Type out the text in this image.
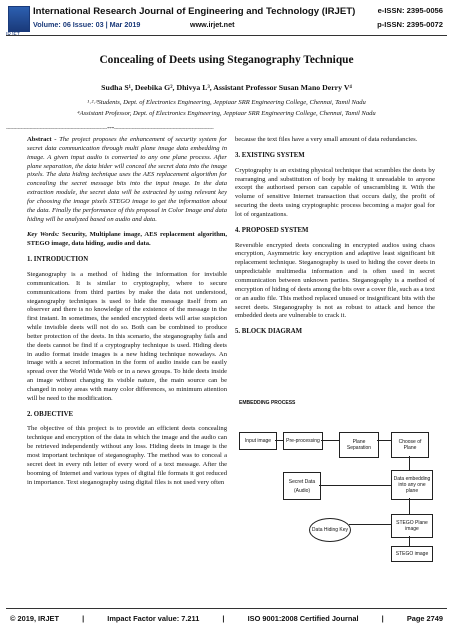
International Research Journal of Engineering and Technology (IRJET)	e-ISSN: 2395-0056
Volume: 06 Issue: 03 | Mar 2019	www.irjet.net	p-ISSN: 2395-0072
Concealing of Deets using Steganography Technique
Sudha S¹, Deebika G², Dhivya L³, Assistant Professor Susan Mano Derry V⁴
¹˒²˒³Students, Dept. of Electronics Engineering, Jeppiaar SRR Engineering College, Chennai, Tamil Nadu
⁴Assistant Professor, Dept. of Electronics Engineering, Jeppiaar SRR Engineering College, Chennai, Tamil Nadu
---------------------------------------------------------------------***--------------------------------------------------------------------

Abstract - The project proposes the enhancement of security system for secret data communication through multi plane image data embedding in image. A given input audio is converted to any one plane process. After plane separation, the data hider will conceal the secret data into the image pixels. The data hiding technique uses the AES replacement algorithm for concealing the secret message bits into the input image. In the data extraction module, the secret data will be extracted by using relevant key for choosing the image pixels STEGO image to get the information about the data. Finally the performance of this proposal in Color Image and data hiding will be analyzed based on audio and data.

Key Words: Security, Multiplane image, AES replacement algorithm, STEGO image, data hiding, audio and data.

1. INTRODUCTION

Steganography is a method of hiding the information for invisible communication. It is similar to cryptography, where to secure communications from third parties by make the data not understood, steganography techniques is used to hide the message itself from an observer and there is no knowledge of the existence of the message in the first instant. In sometimes, the sended encrypted deets will arise suspicion while invisible deets will not do so. Both can be combined to produce better protection of the deets. In this scenario, the steganography fails and the deets cannot be find if a cryptography technique is used. Hiding deets in audio format inside images is a new hiding technique nowadays. An image with a secret information in the form of audio inside can be easily spread over the World Wide Web or in a news groups. To hide deets inside an image without changing its visible nature, the main source can be changed in noisy areas with many color differences, so minimum attention will be need to the modification.

2. OBJECTIVE

The objective of this project is to provide an efficient deets concealing technique and encryption of the data in which the image and the audio can be retrieved independently without any loss. Hiding deets in image is the most important technique of steganography. The method was to conceal a secret deet in every nth letter of every word of a text message. After the booming of Internet and various types of digital file formats it got reduced in importance. Text steganography using digital files is not used very often

because the text files have a very small amount of data redundancies.

3. EXISTING SYSTEM

Cryptography is an existing physical technique that scrambles the deets by rearranging and substitution of body by making it unreadable to anyone except the authorised person can capable of unscrambling it. With the volume of sensitive Internet transaction that occurs daily, the profit of securing the deets using cryptographic process becoming a major goal for lot of organizations.

4. PROPOSED SYSTEM

Reversible encrypted deets concealing in encrypted audios using chaos encryption, Asymmetric key encryption and adaptive least significant bit replacement technique. Steganography is used to hiding the cover deets in unpredictable multimedia information and is often used in secret communication between unknown parties. Steganography is a method of encryption of hiding of deets among the bits over a cover file, such as a text or an audio file. This method replaced unused or insignificant bits with the secret deets. Steganography is not as robust to attack and hence the embedded deets are vulnerable to crack it.

5. BLOCK DIAGRAM
EMBEDDING PROCESS
Input image	Pre-processing	Plane Separation
Choose of Plane
Secret Data
(Audio)
Data embedding into any one plane
Data Hiding Key
STEGO Plane image
STEGO image
© 2019, IRJET	|	Impact Factor value: 7.211	|	ISO 9001:2008 Certified Journal	|	Page 2749
